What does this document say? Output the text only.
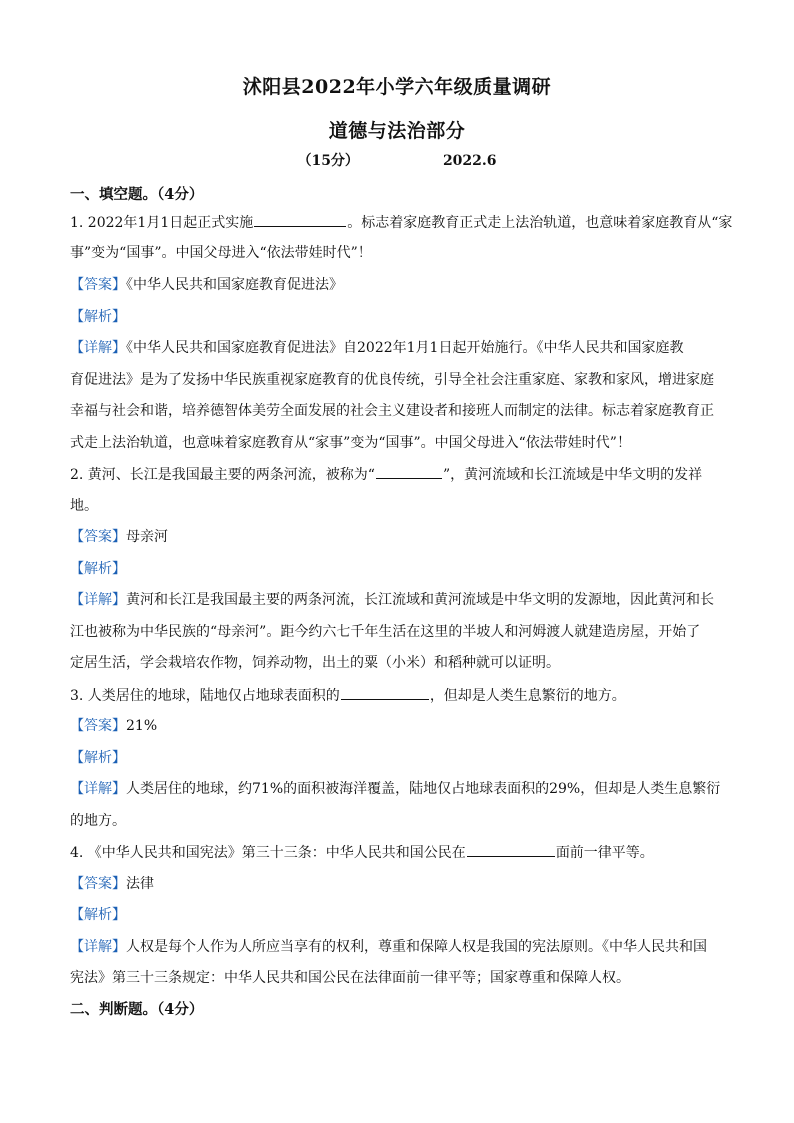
沭阳县2022年小学六年级质量调研
道德与法治部分
（15分）	2022.6
一、填空题。（4分）
1. 2022年1月1日起正式实施	。标志着家庭教育正式走上法治轨道，也意味着家庭教育从“家
事”变为“国事”。中国父母进入“依法带娃时代”！
【答案】《中华人民共和国家庭教育促进法》
【解析】
【详解】《中华人民共和国家庭教育促进法》自2022年1月1日起开始施行。《中华人民共和国家庭教
育促进法》是为了发扬中华民族重视家庭教育的优良传统，引导全社会注重家庭、家教和家风，增进家庭
幸福与社会和谐，培养德智体美劳全面发展的社会主义建设者和接班人而制定的法律。标志着家庭教育正
式走上法治轨道，也意味着家庭教育从“家事”变为“国事”。中国父母进入“依法带娃时代”！
2. 黄河、长江是我国最主要的两条河流，被称为“	”，黄河流域和长江流域是中华文明的发祥
地。
【答案】母亲河
【解析】
【详解】黄河和长江是我国最主要的两条河流，长江流域和黄河流域是中华文明的发源地，因此黄河和长
江也被称为中华民族的“母亲河”。距今约六七千年生活在这里的半坡人和河姆渡人就建造房屋，开始了
定居生活，学会栽培农作物，饲养动物，出土的粟（小米）和稻种就可以证明。
3. 人类居住的地球，陆地仅占地球表面积的	，但却是人类生息繁衍的地方。
【答案】21%
【解析】
【详解】人类居住的地球，约71%的面积被海洋覆盖，陆地仅占地球表面积的29%，但却是人类生息繁衍
的地方。
4. 《中华人民共和国宪法》第三十三条：中华人民共和国公民在	面前一律平等。
【答案】法律
【解析】
【详解】人权是每个人作为人所应当享有的权利，尊重和保障人权是我国的宪法原则。《中华人民共和国
宪法》第三十三条规定：中华人民共和国公民在法律面前一律平等；国家尊重和保障人权。
二、判断题。（4分）
